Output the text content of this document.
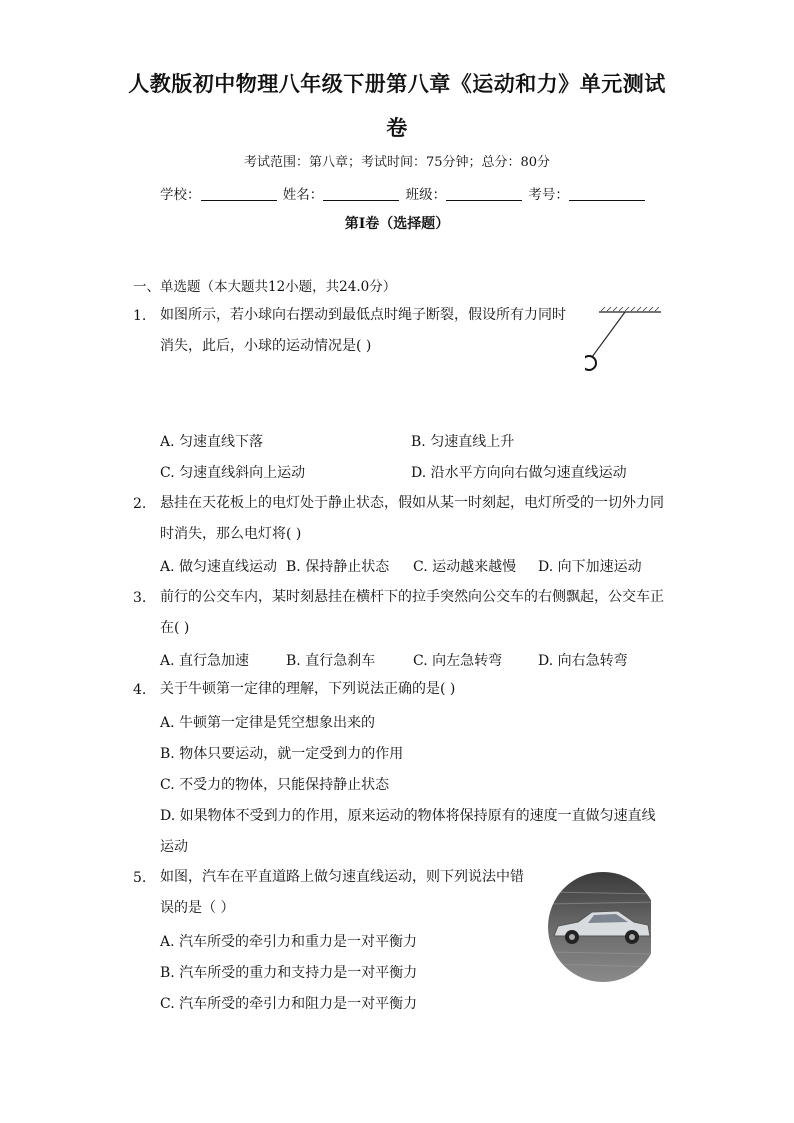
人教版初中物理八年级下册第八章《运动和力》单元测试
卷
考试范围：第八章；考试时间：75分钟；总分：80分
学校：	姓名：	班级：	考号：
第I卷（选择题）
一、单选题（本大题共12小题，共24.0分）
1. 如图所示，若小球向右摆动到最低点时绳子断裂，假设所有力同时
消失，此后，小球的运动情况是( )
A. 匀速直线下落	B. 匀速直线上升
C. 匀速直线斜向上运动	D. 沿水平方向向右做匀速直线运动
2. 悬挂在天花板上的电灯处于静止状态，假如从某一时刻起，电灯所受的一切外力同
时消失，那么电灯将( )
A. 做匀速直线运动 B. 保持静止状态 C. 运动越来越慢 D. 向下加速运动
3. 前行的公交车内，某时刻悬挂在横杆下的拉手突然向公交车的右侧飘起，公交车正
在( )
A. 直行急加速	B. 直行急刹车	C. 向左急转弯	D. 向右急转弯
4. 关于牛顿第一定律的理解，下列说法正确的是( )
A. 牛顿第一定律是凭空想象出来的
B. 物体只要运动，就一定受到力的作用
C. 不受力的物体，只能保持静止状态
D. 如果物体不受到力的作用，原来运动的物体将保持原有的速度一直做匀速直线
运动
5. 如图，汽车在平直道路上做匀速直线运动，则下列说法中错
误的是（ ）
A. 汽车所受的牵引力和重力是一对平衡力
B. 汽车所受的重力和支持力是一对平衡力
C. 汽车所受的牵引力和阻力是一对平衡力
